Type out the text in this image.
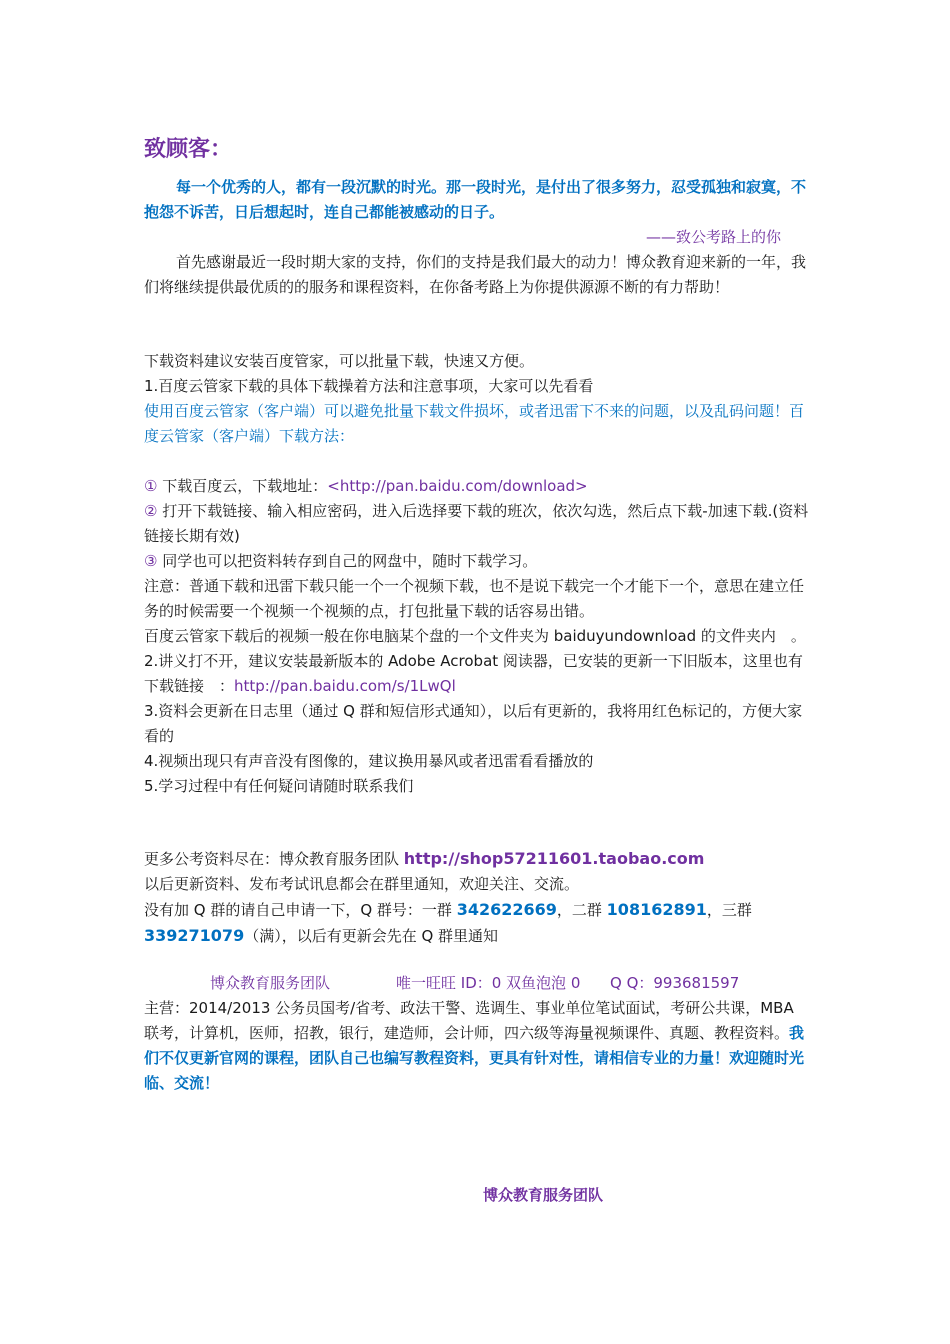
致顾客：

每一个优秀的人，都有一段沉默的时光。那一段时光，是付出了很多努力，忍受孤独和寂寞，不抱怨不诉苦，日后想起时，连自己都能被感动的日子。

——致公考路上的你

首先感谢最近一段时期大家的支持，你们的支持是我们最大的动力！博众教育迎来新的一年，我们将继续提供最优质的的服务和课程资料，在你备考路上为你提供源源不断的有力帮助！

下载资料建议安装百度管家，可以批量下载，快速又方便。

1.百度云管家下载的具体下载操着方法和注意事项，大家可以先看看

使用百度云管家（客户端）可以避免批量下载文件损坏，或者迅雷下不来的问题，以及乱码问题！百度云管家（客户端）下载方法：

① 下载百度云，下载地址：<http://pan.baidu.com/download>

② 打开下载链接、输入相应密码，进入后选择要下载的班次，依次勾选，然后点下载-加速下载.(资料链接长期有效)

③ 同学也可以把资料转存到自己的网盘中，随时下载学习。

注意：普通下载和迅雷下载只能一个一个视频下载，也不是说下载完一个才能下一个，意思在建立任务的时候需要一个视频一个视频的点，打包批量下载的话容易出错。

百度云管家下载后的视频一般在你电脑某个盘的一个文件夹为 baiduyundownload 的文件夹内　。

2.讲义打不开，建议安装最新版本的 Adobe Acrobat 阅读器，已安装的更新一下旧版本，这里也有下载链接　：http://pan.baidu.com/s/1LwQl

3.资料会更新在日志里（通过 Q 群和短信形式通知），以后有更新的，我将用红色标记的，方便大家看的

4.视频出现只有声音没有图像的，建议换用暴风或者迅雷看看播放的

5.学习过程中有任何疑问请随时联系我们

更多公考资料尽在：博众教育服务团队 http://shop57211601.taobao.com

以后更新资料、发布考试讯息都会在群里通知，欢迎关注、交流。

没有加 Q 群的请自己申请一下，Q 群号：一群 342622669，二群 108162891，三群 339271079（满），以后有更新会先在 Q 群里通知

博众教育服务团队	唯一旺旺 ID：0 双鱼泡泡 0 Q Q：993681597

主营：2014/2013 公务员国考/省考、政法干警、选调生、事业单位笔试面试，考研公共课，MBA 联考，计算机，医师，招教，银行，建造师，会计师，四六级等海量视频课件、真题、教程资料。我们不仅更新官网的课程，团队自己也编写教程资料，更具有针对性，请相信专业的力量！欢迎随时光临、交流！

博众教育服务团队
